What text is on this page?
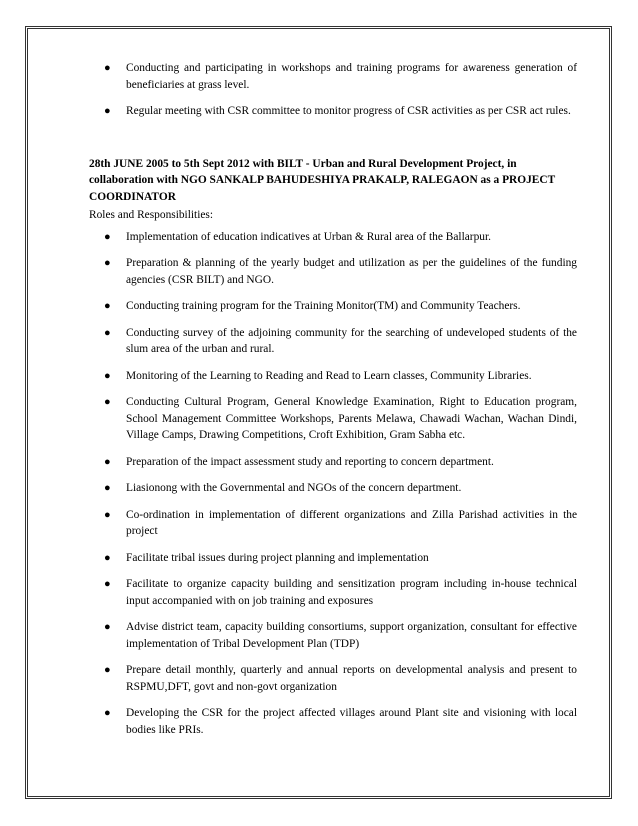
● Conducting and participating in workshops and training programs for awareness generation of beneficiaries at grass level.
● Regular meeting with CSR committee to monitor progress of CSR activities as per CSR act rules.
28th JUNE 2005 to 5th Sept 2012 with BILT - Urban and Rural Development Project, in collaboration with NGO SANKALP BAHUDESHIYA PRAKALP, RALEGAON as a PROJECT COORDINATOR
Roles and Responsibilities:
● Implementation of education indicatives at Urban & Rural area of the Ballarpur.
● Preparation & planning of the yearly budget and utilization as per the guidelines of the funding agencies (CSR BILT) and NGO.
● Conducting training program for the Training Monitor(TM) and Community Teachers.
● Conducting survey of the adjoining community for the searching of undeveloped students of the slum area of the urban and rural.
● Monitoring of the Learning to Reading and Read to Learn classes, Community Libraries.
● Conducting Cultural Program, General Knowledge Examination, Right to Education program, School Management Committee Workshops, Parents Melawa, Chawadi Wachan, Wachan Dindi, Village Camps, Drawing Competitions, Croft Exhibition, Gram Sabha etc.
● Preparation of the impact assessment study and reporting to concern department.
● Liasionong with the Governmental and NGOs of the concern department.
● Co-ordination in implementation of different organizations and Zilla Parishad activities in the project
● Facilitate tribal issues during project planning and implementation
● Facilitate to organize capacity building and sensitization program including in-house technical input accompanied with on job training and exposures
● Advise district team, capacity building consortiums, support organization, consultant for effective implementation of Tribal Development Plan (TDP)
● Prepare detail monthly, quarterly and annual reports on developmental analysis and present to RSPMU,DFT, govt and non-govt organization
● Developing the CSR for the project affected villages around Plant site and visioning with local bodies like PRIs.
